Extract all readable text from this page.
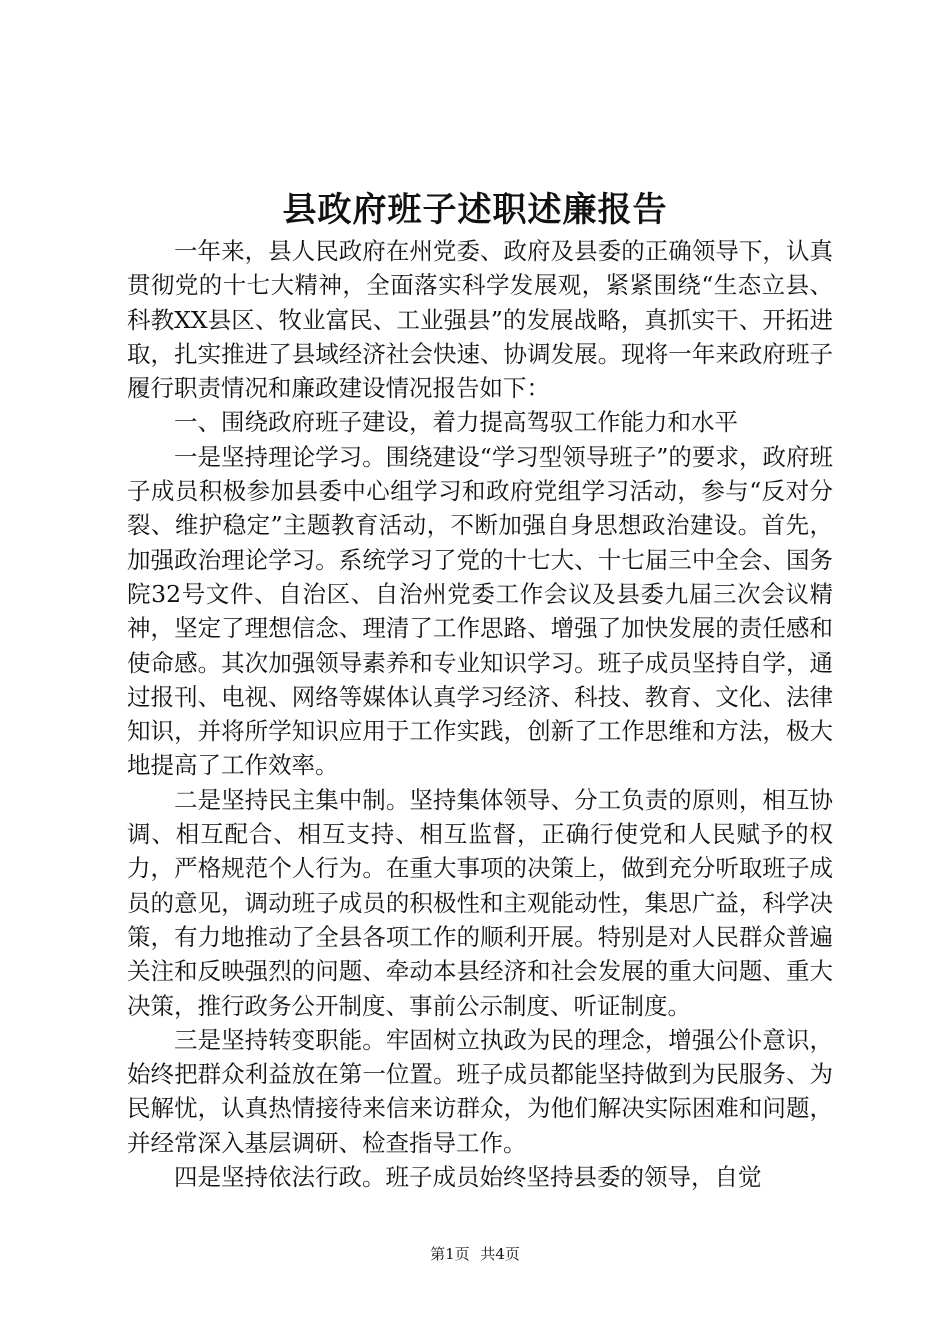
县政府班子述职述廉报告

一年来，县人民政府在州党委、政府及县委的正确领导下，认真贯彻党的十七大精神，全面落实科学发展观，紧紧围绕“生态立县、科教XX县区、牧业富民、工业强县”的发展战略，真抓实干、开拓进取，扎实推进了县域经济社会快速、协调发展。现将一年来政府班子履行职责情况和廉政建设情况报告如下：

一、围绕政府班子建设，着力提高驾驭工作能力和水平

一是坚持理论学习。围绕建设“学习型领导班子”的要求，政府班子成员积极参加县委中心组学习和政府党组学习活动，参与“反对分裂、维护稳定”主题教育活动，不断加强自身思想政治建设。首先，加强政治理论学习。系统学习了党的十七大、十七届三中全会、国务院32号文件、自治区、自治州党委工作会议及县委九届三次会议精神，坚定了理想信念、理清了工作思路、增强了加快发展的责任感和使命感。其次加强领导素养和专业知识学习。班子成员坚持自学，通过报刊、电视、网络等媒体认真学习经济、科技、教育、文化、法律知识，并将所学知识应用于工作实践，创新了工作思维和方法，极大地提高了工作效率。

二是坚持民主集中制。坚持集体领导、分工负责的原则，相互协调、相互配合、相互支持、相互监督，正确行使党和人民赋予的权力，严格规范个人行为。在重大事项的决策上，做到充分听取班子成员的意见，调动班子成员的积极性和主观能动性，集思广益，科学决策，有力地推动了全县各项工作的顺利开展。特别是对人民群众普遍关注和反映强烈的问题、牵动本县经济和社会发展的重大问题、重大决策，推行政务公开制度、事前公示制度、听证制度。

三是坚持转变职能。牢固树立执政为民的理念，增强公仆意识，始终把群众利益放在第一位置。班子成员都能坚持做到为民服务、为民解忧，认真热情接待来信来访群众，为他们解决实际困难和问题，并经常深入基层调研、检查指导工作。

四是坚持依法行政。班子成员始终坚持县委的领导，自觉

第1页 共4页
